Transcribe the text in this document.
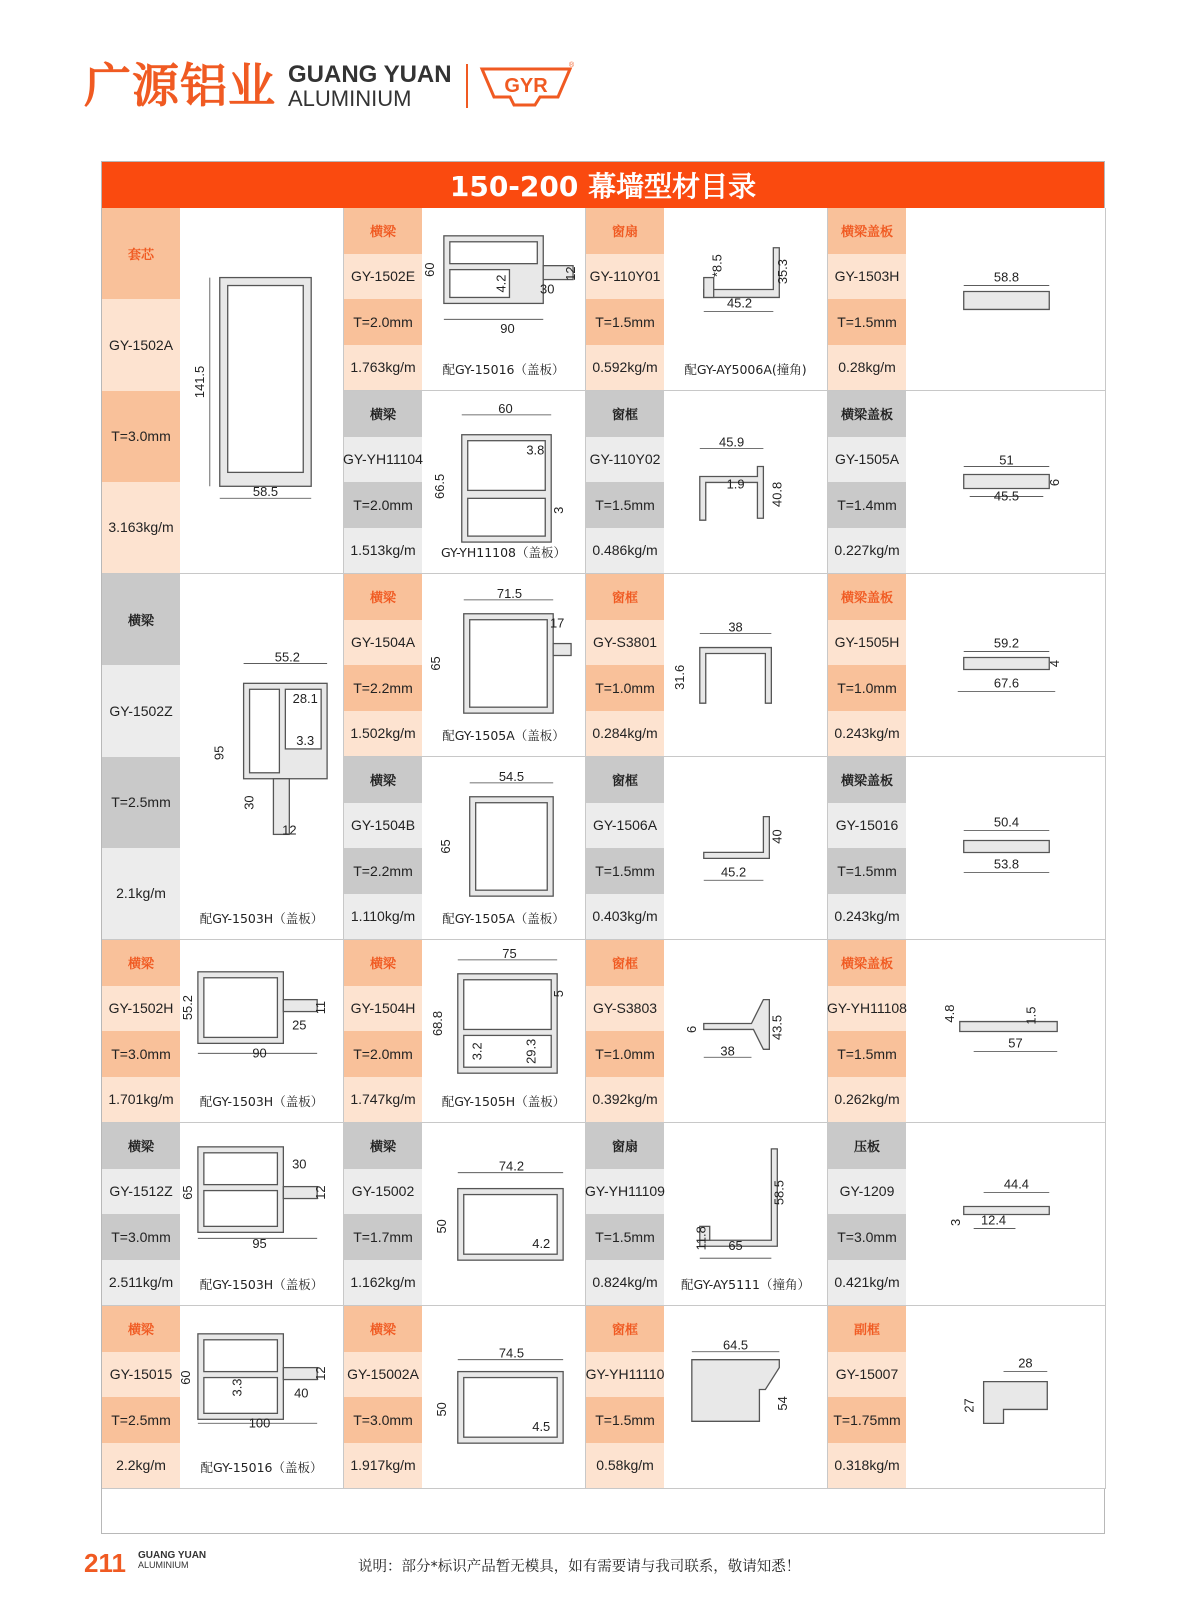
广源铝业 GUANG YUAN
ALUMINIUM
GYR
®
150-200 幕墙型材目录
套芯
GY-1502A
T=3.0mm
3.163kg/m
141.5
58.5
横梁
GY-1502E
T=2.0mm
1.763kg/m
60
4.2 30
12
90
配GY-15016（盖板）
窗扇
GY-110Y01
T=1.5mm
0.592kg/m
*8.5	35.3
45.2
配GY-AY5006A(撞角)
横梁盖板
GY-1503H
T=1.5mm
0.28kg/m
58.8
横梁
GY-YH11104
T=2.0mm
1.513kg/m
60
3.8
66.5
3
GY-YH11108（盖板）
窗框
GY-110Y02
T=1.5mm
0.486kg/m
45.9
1.9 40.8
横梁盖板
GY-1505A
T=1.4mm
0.227kg/m
51
45.5
6
横梁
GY-1502Z
T=2.5mm
2.1kg/m
55.2
28.1
3.3
95
30
12
配GY-1503H（盖板）
横梁
GY-1504A
T=2.2mm
1.502kg/m
71.5
17
65
配GY-1505A（盖板）
窗框
GY-S3801
T=1.0mm
0.284kg/m
38
31.6
横梁盖板
GY-1505H
T=1.0mm
0.243kg/m
59.2
4
67.6
横梁
GY-1504B
T=2.2mm
1.110kg/m
54.5
65
配GY-1505A（盖板）
窗框
GY-1506A
T=1.5mm
0.403kg/m
40
45.2
横梁盖板
GY-15016
T=1.5mm
0.243kg/m
50.4
53.8
横梁
GY-1502H
T=3.0mm
1.701kg/m
55.2
25
11
90
配GY-1503H（盖板）
横梁
GY-1504H
T=2.0mm
1.747kg/m
75
68.8
3.2	29.3
5
配GY-1505H（盖板）
窗框
GY-S3803
T=1.0mm
0.392kg/m
6	43.5
38
横梁盖板
GY-YH11108
T=1.5mm
0.262kg/m
4.8	1.5
57
横梁
GY-1512Z
T=3.0mm
2.511kg/m
30
65	12
95
配GY-1503H（盖板）
横梁
GY-15002
T=1.7mm
1.162kg/m
74.2
50
4.2
窗扇
GY-YH11109
T=1.5mm
0.824kg/m
58.5
11.8 65
配GY-AY5111（撞角）
压板
GY-1209
T=3.0mm
0.421kg/m
44.4
3 12.4
横梁
GY-15015
T=2.5mm
2.2kg/m
60
3.3	40
12
100
配GY-15016（盖板）
横梁
GY-15002A
T=3.0mm
1.917kg/m
74.5
50
4.5
窗框
GY-YH11110
T=1.5mm
0.58kg/m
64.5
54
副框
GY-15007
T=1.75mm
0.318kg/m
28
27
211 GUANG YUAN
ALUMINIUM	说明：部分*标识产品暂无模具，如有需要请与我司联系，敬请知悉！
